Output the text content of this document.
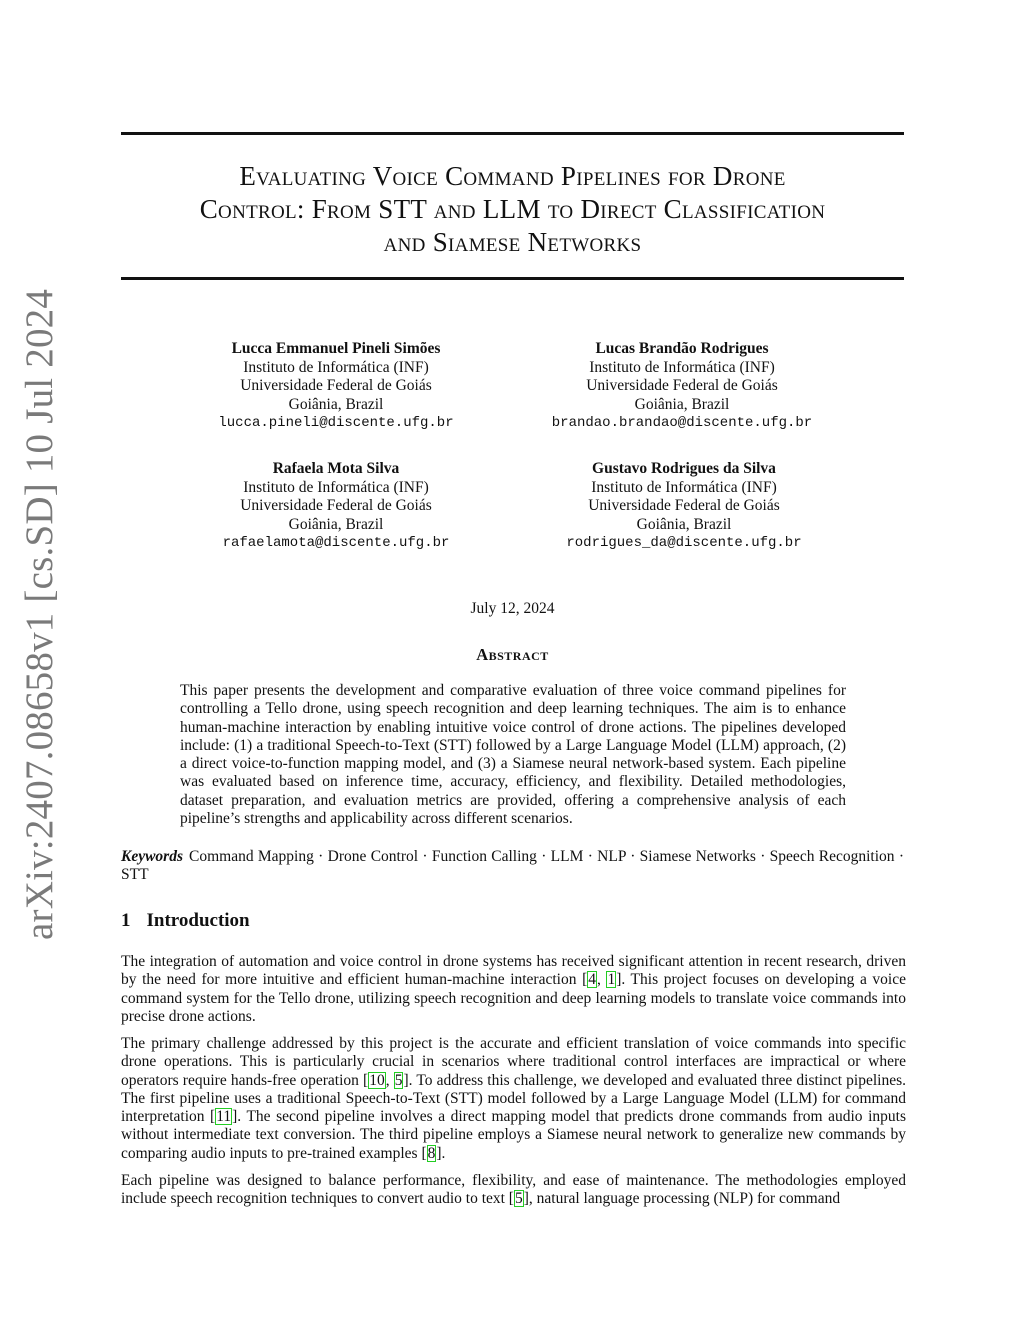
arXiv:2407.08658v1 [cs.SD] 10 Jul 2024
Evaluating Voice Command Pipelines for Drone
Control: From STT and LLM to Direct Classification
and Siamese Networks
Lucca Emmanuel Pineli Simões
Instituto de Informática (INF)
Universidade Federal de Goiás
Goiânia, Brazil
lucca.pineli@discente.ufg.br
Lucas Brandão Rodrigues
Instituto de Informática (INF)
Universidade Federal de Goiás
Goiânia, Brazil
brandao.brandao@discente.ufg.br
Rafaela Mota Silva
Instituto de Informática (INF)
Universidade Federal de Goiás
Goiânia, Brazil
rafaelamota@discente.ufg.br
Gustavo Rodrigues da Silva
Instituto de Informática (INF)
Universidade Federal de Goiás
Goiânia, Brazil
rodrigues_da@discente.ufg.br
July 12, 2024
Abstract
This paper presents the development and comparative evaluation of three voice command pipelines for controlling a Tello drone, using speech recognition and deep learning techniques. The aim is to enhance human-machine interaction by enabling intuitive voice control of drone actions. The pipelines developed include: (1) a traditional Speech-to-Text (STT) followed by a Large Language Model (LLM) approach, (2) a direct voice-to-function mapping model, and (3) a Siamese neural network-based system. Each pipeline was evaluated based on inference time, accuracy, efficiency, and flexibility. Detailed methodologies, dataset preparation, and evaluation metrics are provided, offering a comprehensive analysis of each pipeline’s strengths and applicability across different scenarios.
Keywords Command Mapping · Drone Control · Function Calling · LLM · NLP · Siamese Networks · Speech Recognition · STT
1 Introduction
The integration of automation and voice control in drone systems has received significant attention in recent research, driven by the need for more intuitive and efficient human-machine interaction [4, 1]. This project focuses on developing a voice command system for the Tello drone, utilizing speech recognition and deep learning models to translate voice commands into precise drone actions.
The primary challenge addressed by this project is the accurate and efficient translation of voice commands into specific drone operations. This is particularly crucial in scenarios where traditional control interfaces are impractical or where operators require hands-free operation [10, 5]. To address this challenge, we developed and evaluated three distinct pipelines. The first pipeline uses a traditional Speech-to-Text (STT) model followed by a Large Language Model (LLM) for command interpretation [11]. The second pipeline involves a direct mapping model that predicts drone commands from audio inputs without intermediate text conversion. The third pipeline employs a Siamese neural network to generalize new commands by comparing audio inputs to pre-trained examples [8].
Each pipeline was designed to balance performance, flexibility, and ease of maintenance. The methodologies employed include speech recognition techniques to convert audio to text [5], natural language processing (NLP) for command
